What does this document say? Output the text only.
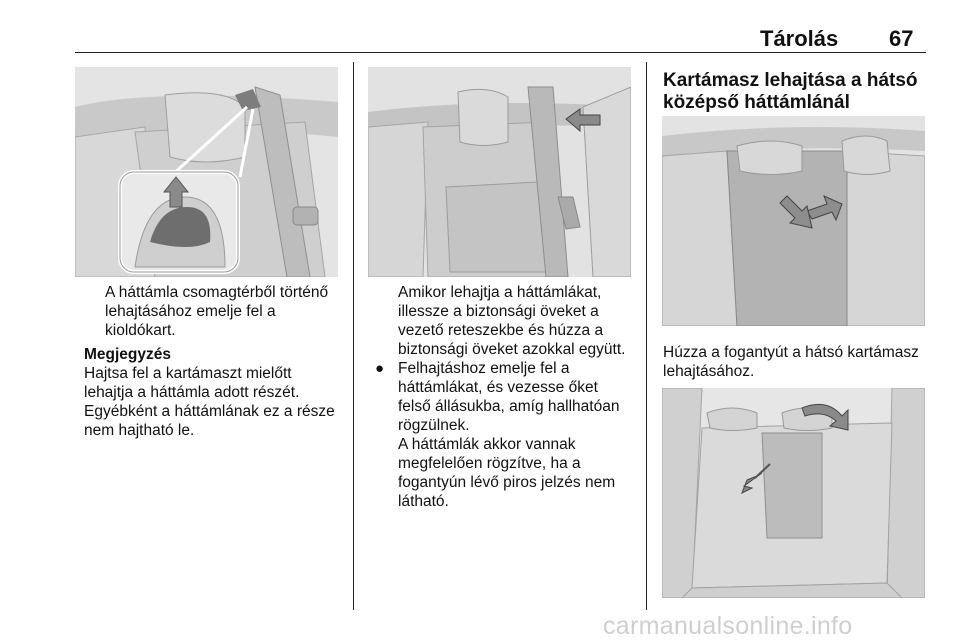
Tárolás 67
A háttámla csomagtérből történő
lehajtásához emelje fel a
kioldókart.
Megjegyzés
Hajtsa fel a kartámaszt mielőtt
lehajtja a háttámla adott részét.
Egyébként a háttámlának ez a része
nem hajtható le.
Amikor lehajtja a háttámlákat,
illessze a biztonsági öveket a
vezető reteszekbe és húzza a
biztonsági öveket azokkal együtt.
● Felhajtáshoz emelje fel a
háttámlákat, és vezesse őket
felső állásukba, amíg hallhatóan
rögzülnek.
A háttámlák akkor vannak
megfelelően rögzítve, ha a
fogantyún lévő piros jelzés nem
látható.
Kartámasz lehajtása a hátsó
középső háttámlánál
Húzza a fogantyút a hátsó kartámasz
lehajtásához.
carmanualsonline.info
